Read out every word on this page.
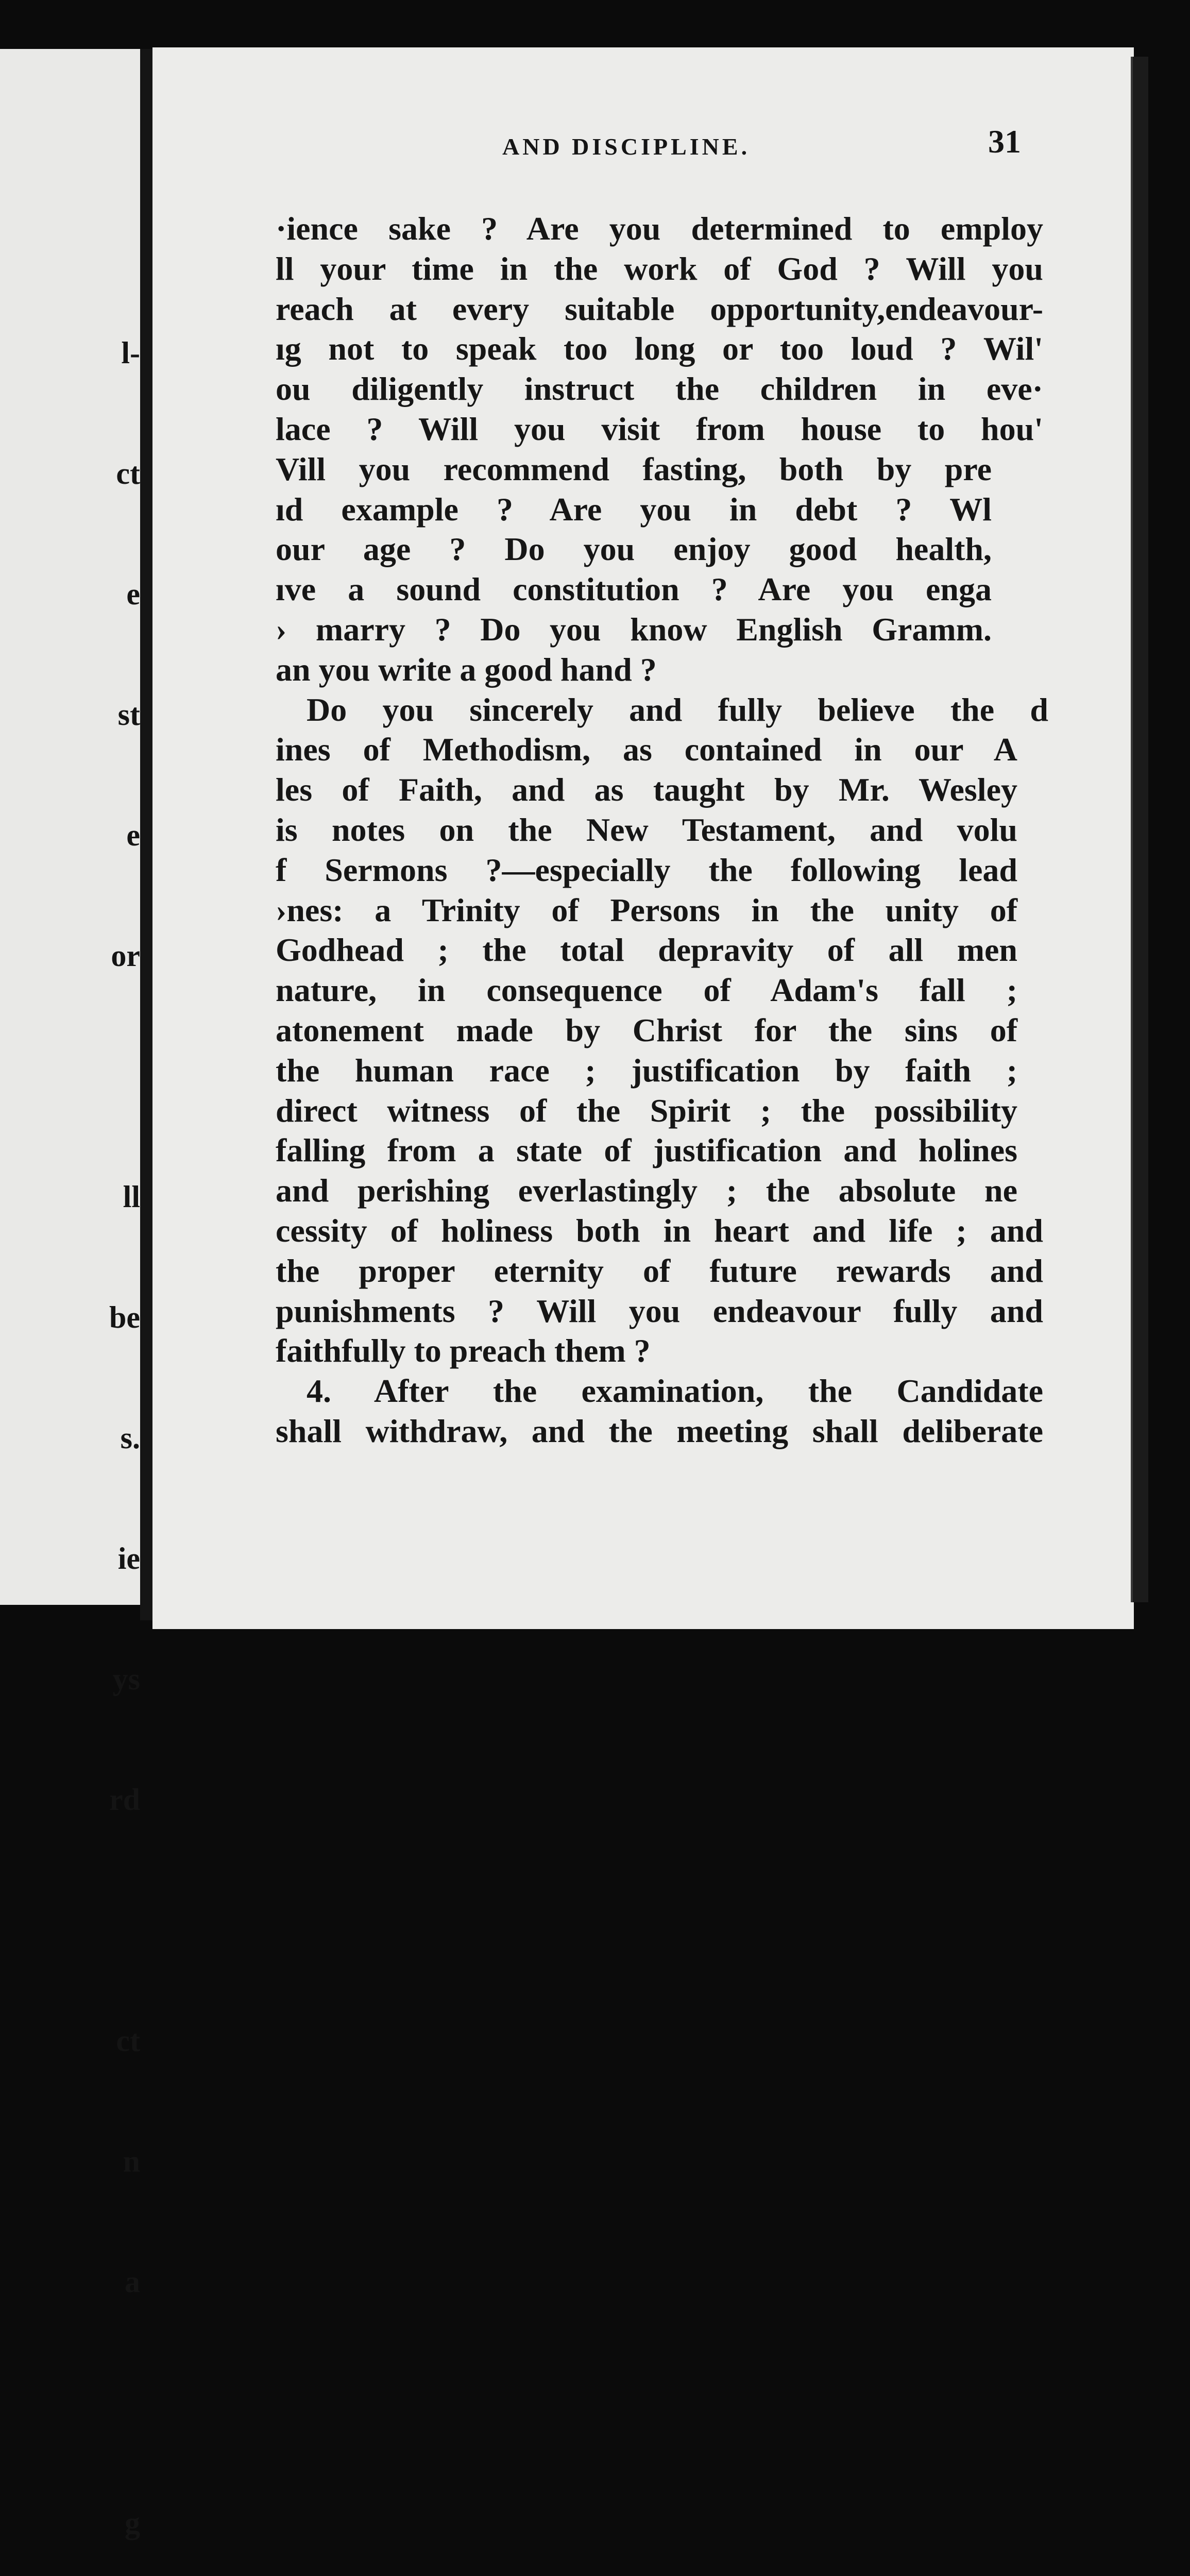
l-

ct

e

st

e

or

ll

be

s.

ie

ys

rd

ct

n

a

g

AND DISCIPLINE.	31
·ience sake ? Are you determined to employ
ll your time in the work of God ? Will you
reach at every suitable opportunity,endeavour-
ıg not to speak too long or too loud ? Wil'
ou diligently instruct the children in eve·
lace ? Will you visit from house to hou'
Vill you recommend fasting, both by pre
ıd example ? Are you in debt ? Wl
our age ? Do you enjoy good health,
ıve a sound constitution ? Are you enga
› marry ? Do you know English Gramm.
an you write a good hand ?
Do you sincerely and fully believe the d
ines of Methodism, as contained in our A
les of Faith, and as taught by Mr. Wesley
is notes on the New Testament, and volu
f Sermons ?—especially the following lead
›nes: a Trinity of Persons in the unity of
Godhead ; the total depravity of all men
nature, in consequence of Adam's fall ;
atonement made by Christ for the sins of
the human race ; justification by faith ;
direct witness of the Spirit ; the possibility
falling from a state of justification and holines
and perishing everlastingly ; the absolute ne
cessity of holiness both in heart and life ; and
the proper eternity of future rewards and
punishments ? Will you endeavour fully and
faithfully to preach them ?
4. After the examination, the Candidate
shall withdraw, and the meeting shall deliberate
